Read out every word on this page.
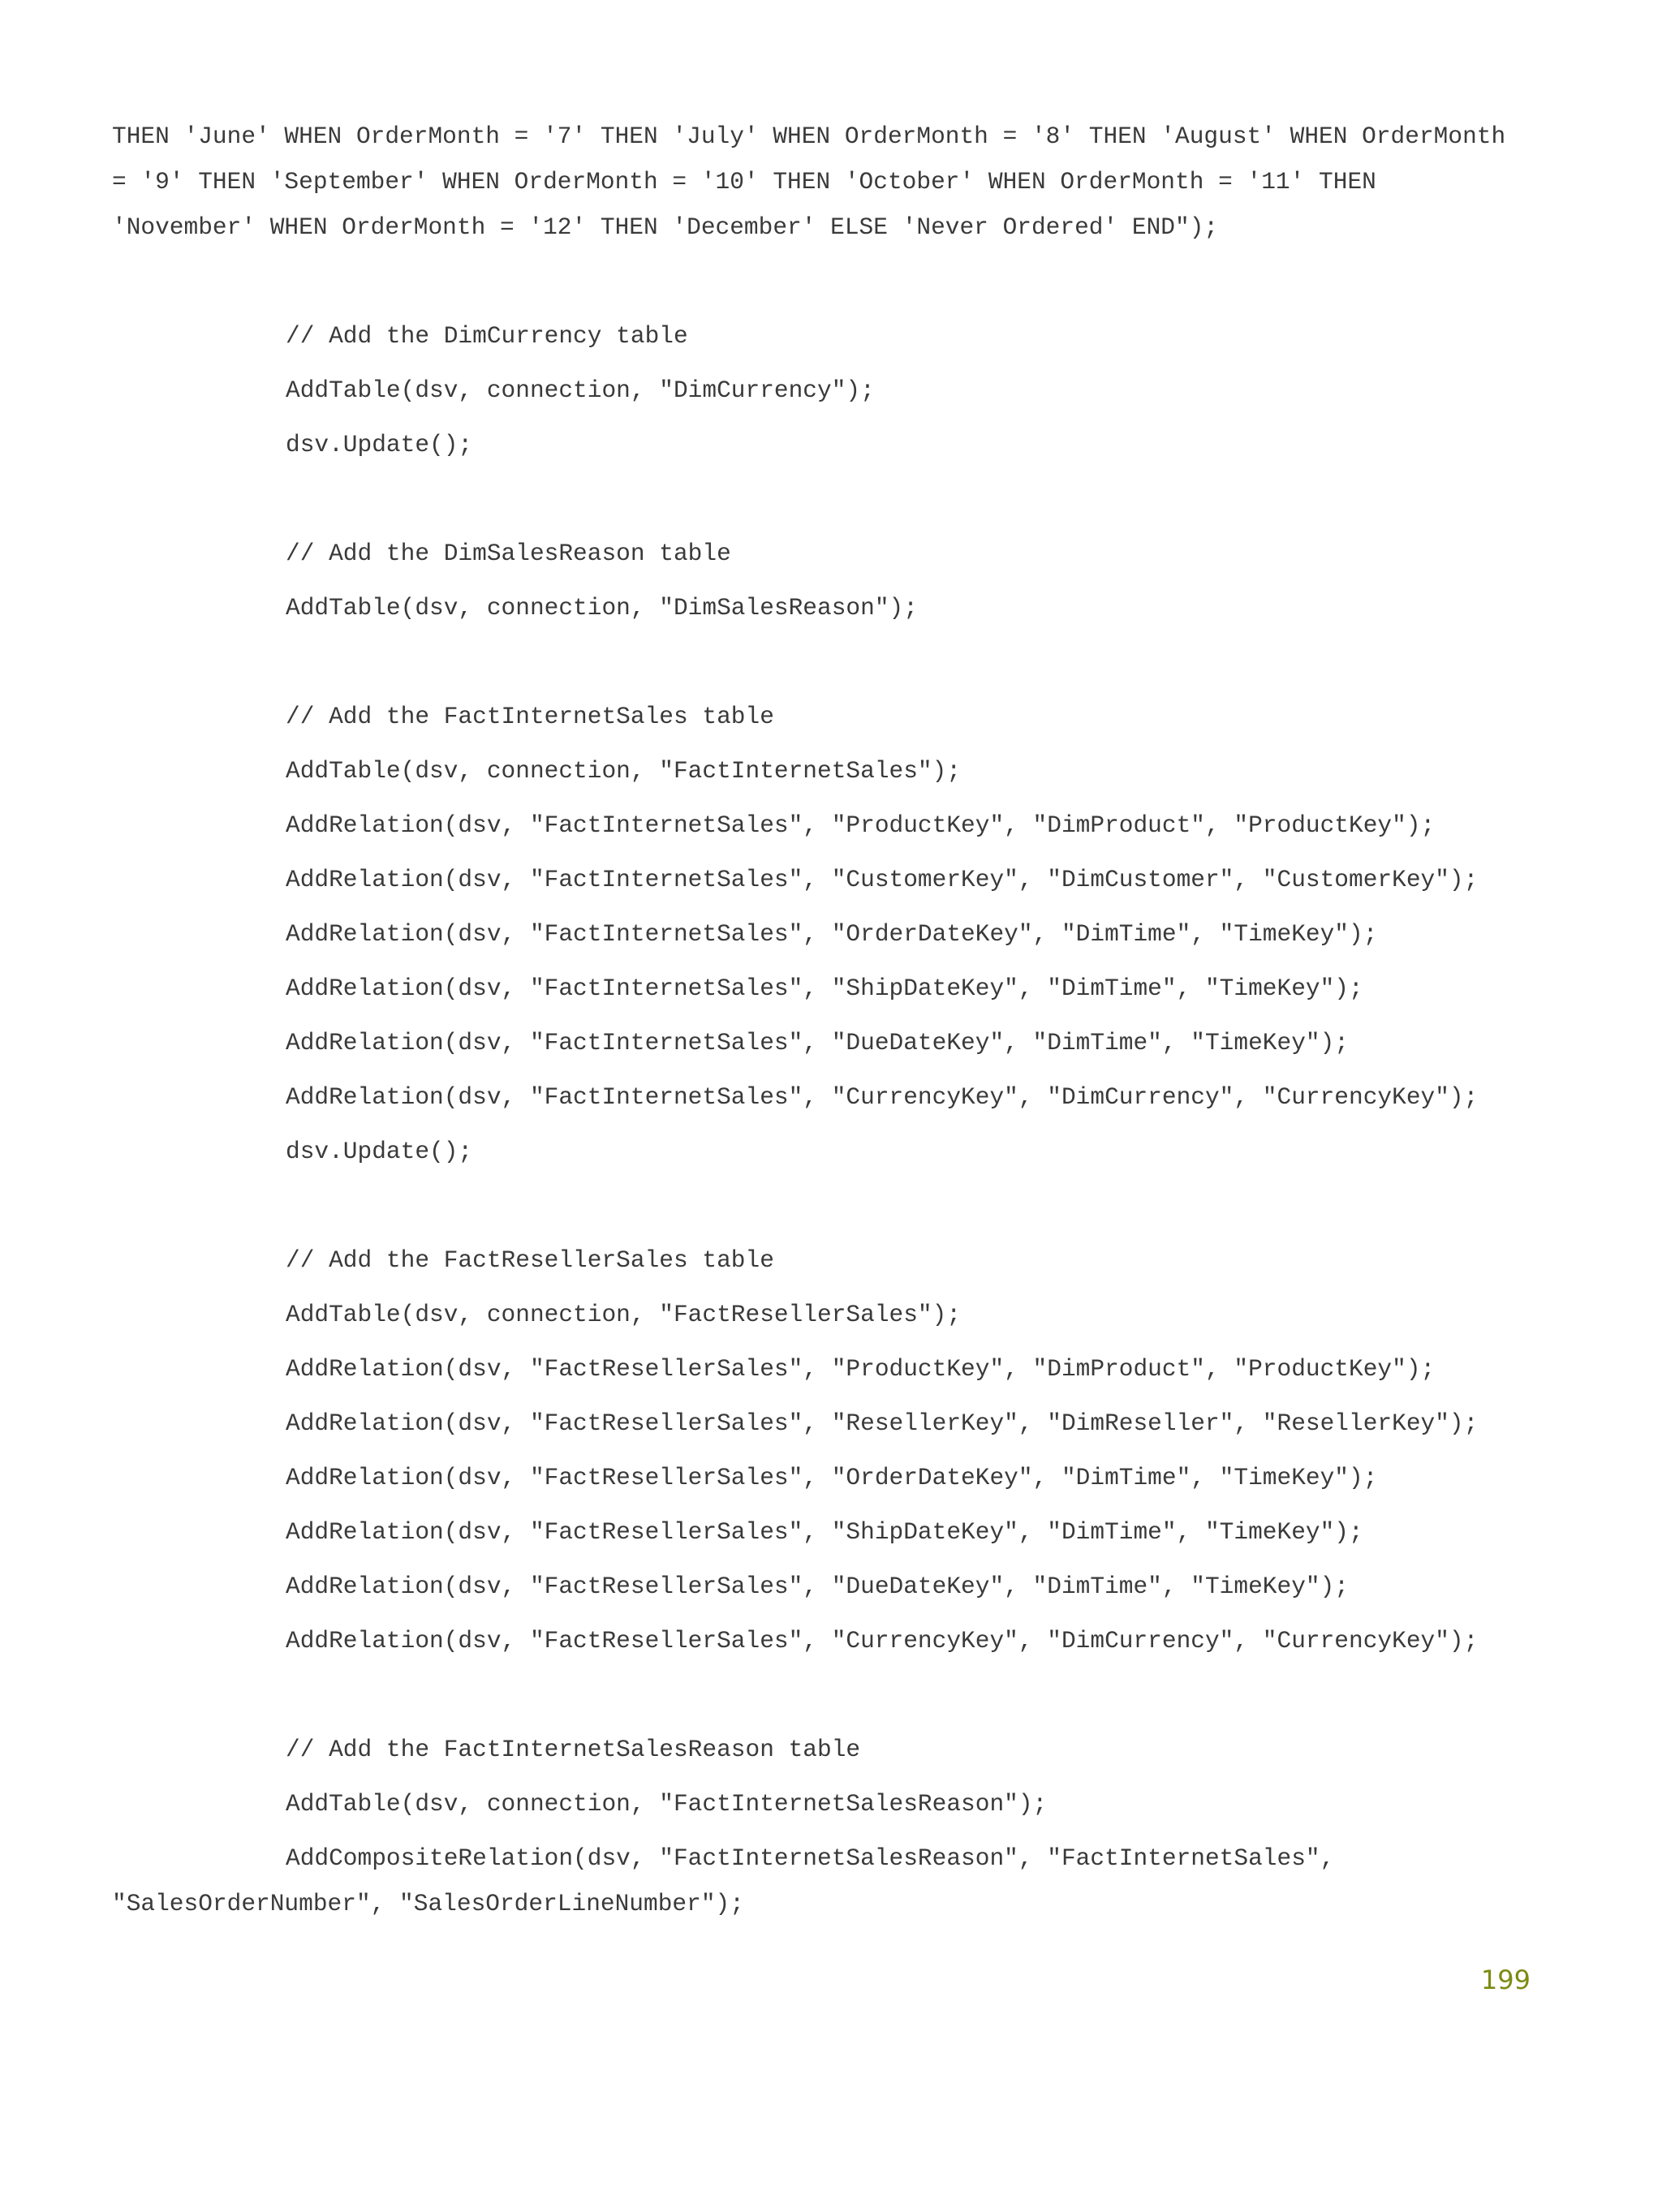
THEN 'June' WHEN OrderMonth = '7' THEN 'July' WHEN OrderMonth = '8' THEN 'August' WHEN OrderMonth

= '9' THEN 'September' WHEN OrderMonth = '10' THEN 'October' WHEN OrderMonth = '11' THEN

'November' WHEN OrderMonth = '12' THEN 'December' ELSE 'Never Ordered' END");

// Add the DimCurrency table

AddTable(dsv, connection, "DimCurrency");

dsv.Update();

// Add the DimSalesReason table

AddTable(dsv, connection, "DimSalesReason");

// Add the FactInternetSales table

AddTable(dsv, connection, "FactInternetSales");

AddRelation(dsv, "FactInternetSales", "ProductKey", "DimProduct", "ProductKey");

AddRelation(dsv, "FactInternetSales", "CustomerKey", "DimCustomer", "CustomerKey");

AddRelation(dsv, "FactInternetSales", "OrderDateKey", "DimTime", "TimeKey");

AddRelation(dsv, "FactInternetSales", "ShipDateKey", "DimTime", "TimeKey");

AddRelation(dsv, "FactInternetSales", "DueDateKey", "DimTime", "TimeKey");

AddRelation(dsv, "FactInternetSales", "CurrencyKey", "DimCurrency", "CurrencyKey");

dsv.Update();

// Add the FactResellerSales table

AddTable(dsv, connection, "FactResellerSales");

AddRelation(dsv, "FactResellerSales", "ProductKey", "DimProduct", "ProductKey");

AddRelation(dsv, "FactResellerSales", "ResellerKey", "DimReseller", "ResellerKey");

AddRelation(dsv, "FactResellerSales", "OrderDateKey", "DimTime", "TimeKey");

AddRelation(dsv, "FactResellerSales", "ShipDateKey", "DimTime", "TimeKey");

AddRelation(dsv, "FactResellerSales", "DueDateKey", "DimTime", "TimeKey");

AddRelation(dsv, "FactResellerSales", "CurrencyKey", "DimCurrency", "CurrencyKey");

// Add the FactInternetSalesReason table

AddTable(dsv, connection, "FactInternetSalesReason");

AddCompositeRelation(dsv, "FactInternetSalesReason", "FactInternetSales",

"SalesOrderNumber", "SalesOrderLineNumber");

199
